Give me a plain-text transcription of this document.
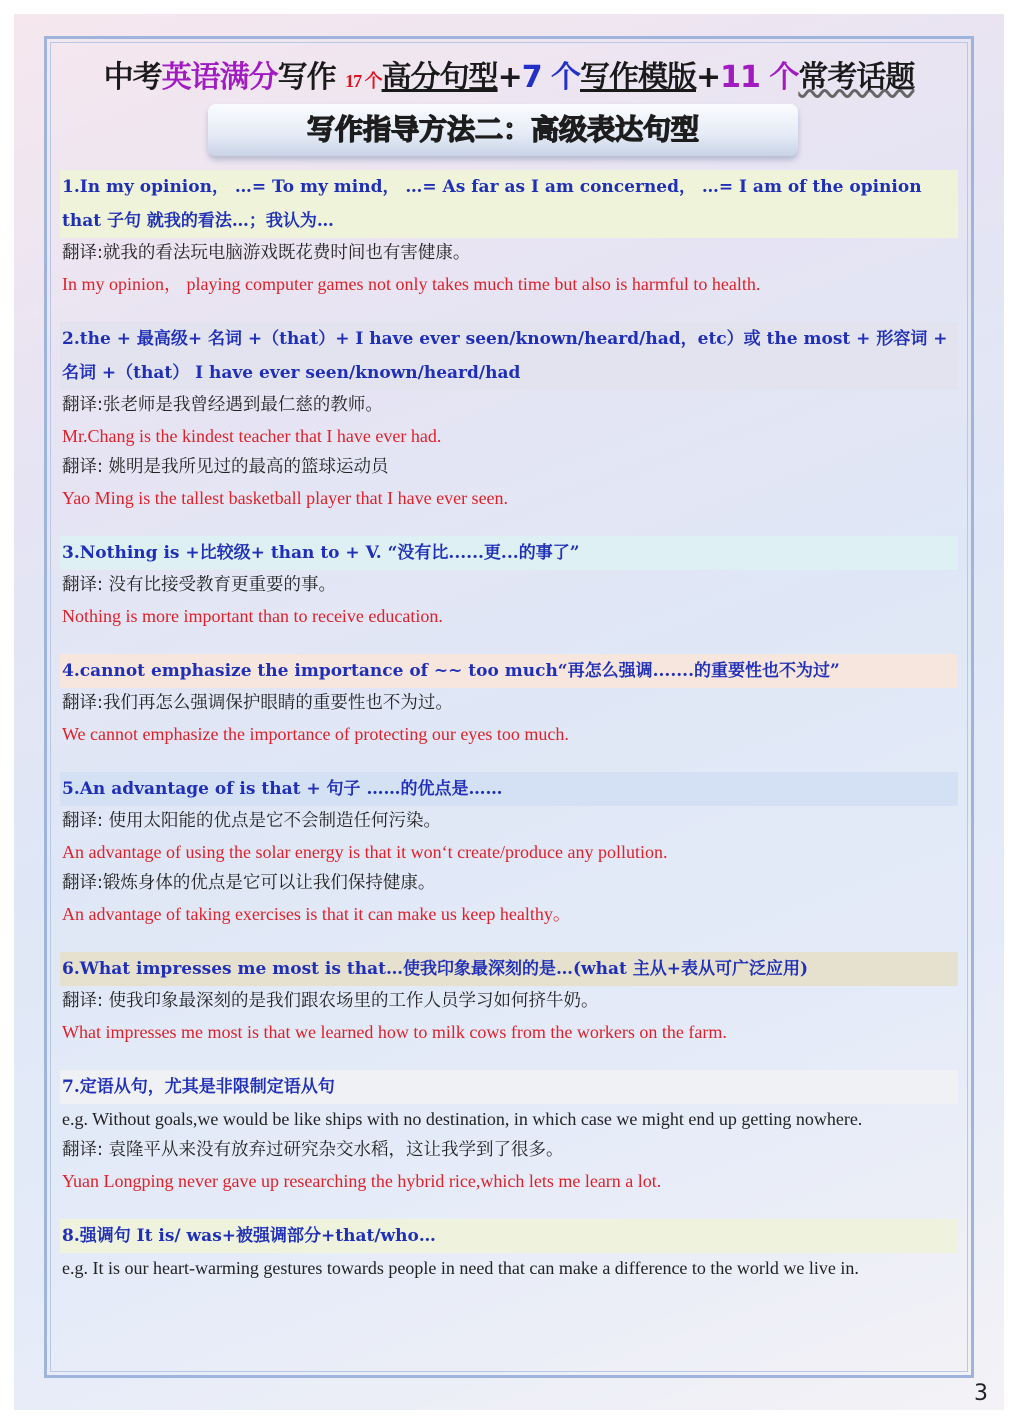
中考英语满分写作 17 个高分句型+7 个写作模版+11 个常考话题
写作指导方法二：高级表达句型
1.In my opinion， …= To my mind， …= As far as I am concerned， …= I am of the opinion that 子句 就我的看法…；我认为…
翻译:就我的看法玩电脑游戏既花费时间也有害健康。
In my opinion， playing computer games not only takes much time but also is harmful to health.
2.the + 最高级+ 名词 +（that）+ I have ever seen/known/heard/had，etc）或 the most + 形容词 + 名词 +（that） I have ever seen/known/heard/had
翻译:张老师是我曾经遇到最仁慈的教师。
Mr.Chang is the kindest teacher that I have ever had.
翻译: 姚明是我所见过的最高的篮球运动员
Yao Ming is the tallest basketball player that I have ever seen.
3.Nothing is +比较级+ than to + V. “没有比......更...的事了”
翻译: 没有比接受教育更重要的事。
Nothing is more important than to receive education.
4.cannot emphasize the importance of ~~ too much“再怎么强调.......的重要性也不为过”
翻译:我们再怎么强调保护眼睛的重要性也不为过。
We cannot emphasize the importance of protecting our eyes too much.
5.An advantage of is that + 句子 ……的优点是……
翻译: 使用太阳能的优点是它不会制造任何污染。
An advantage of using the solar energy is that it won‘t create/produce any pollution.
翻译:锻炼身体的优点是它可以让我们保持健康。
An advantage of taking exercises is that it can make us keep healthy。
6.What impresses me most is that…使我印象最深刻的是…(what 主从+表从可广泛应用)
翻译: 使我印象最深刻的是我们跟农场里的工作人员学习如何挤牛奶。
What impresses me most is that we learned how to milk cows from the workers on the farm.
7.定语从句，尤其是非限制定语从句
e.g. Without goals,we would be like ships with no destination, in which case we might end up getting nowhere.
翻译: 袁隆平从来没有放弃过研究杂交水稻，这让我学到了很多。
Yuan Longping never gave up researching the hybrid rice,which lets me learn a lot.
8.强调句 It is/ was+被强调部分+that/who…
e.g. It is our heart-warming gestures towards people in need that can make a difference to the world we live in.
3
